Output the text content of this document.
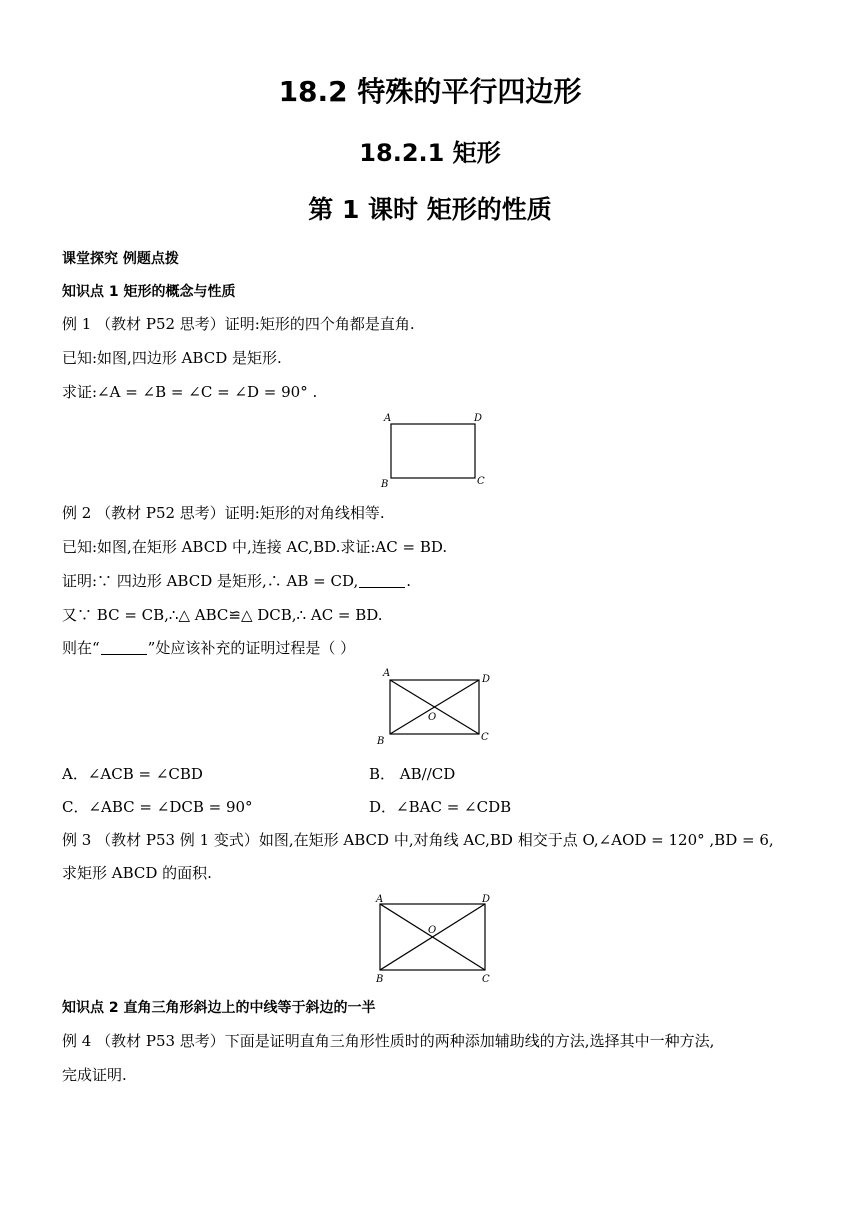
18.2 特殊的平行四边形
18.2.1 矩形
第 1 课时 矩形的性质
课堂探究 例题点拨
知识点 1 矩形的概念与性质
例 1 （教材 P52 思考）证明:矩形的四个角都是直角.
已知:如图,四边形 ABCD 是矩形.
求证:∠A = ∠B = ∠C = ∠D = 90° .
A	D
B	C
例 2 （教材 P52 思考）证明:矩形的对角线相等.
已知:如图,在矩形 ABCD 中,连接 AC,BD.求证:AC = BD.
证明:∵ 四边形 ABCD 是矩形,∴ AB = CD,	.
又∵ BC = CB,∴△ ABC≌△ DCB,∴ AC = BD.
则在“	”处应该补充的证明过程是（ ）
A
D
B	C
O
A．∠ACB = ∠CBD	B． AB//CD
C．∠ABC = ∠DCB = 90°	D．∠BAC = ∠CDB
例 3 （教材 P53 例 1 变式）如图,在矩形 ABCD 中,对角线 AC,BD 相交于点 O,∠AOD = 120° ,BD = 6,
求矩形 ABCD 的面积.
A	D
B	C
O
知识点 2 直角三角形斜边上的中线等于斜边的一半
例 4 （教材 P53 思考）下面是证明直角三角形性质时的两种添加辅助线的方法,选择其中一种方法,
完成证明.
